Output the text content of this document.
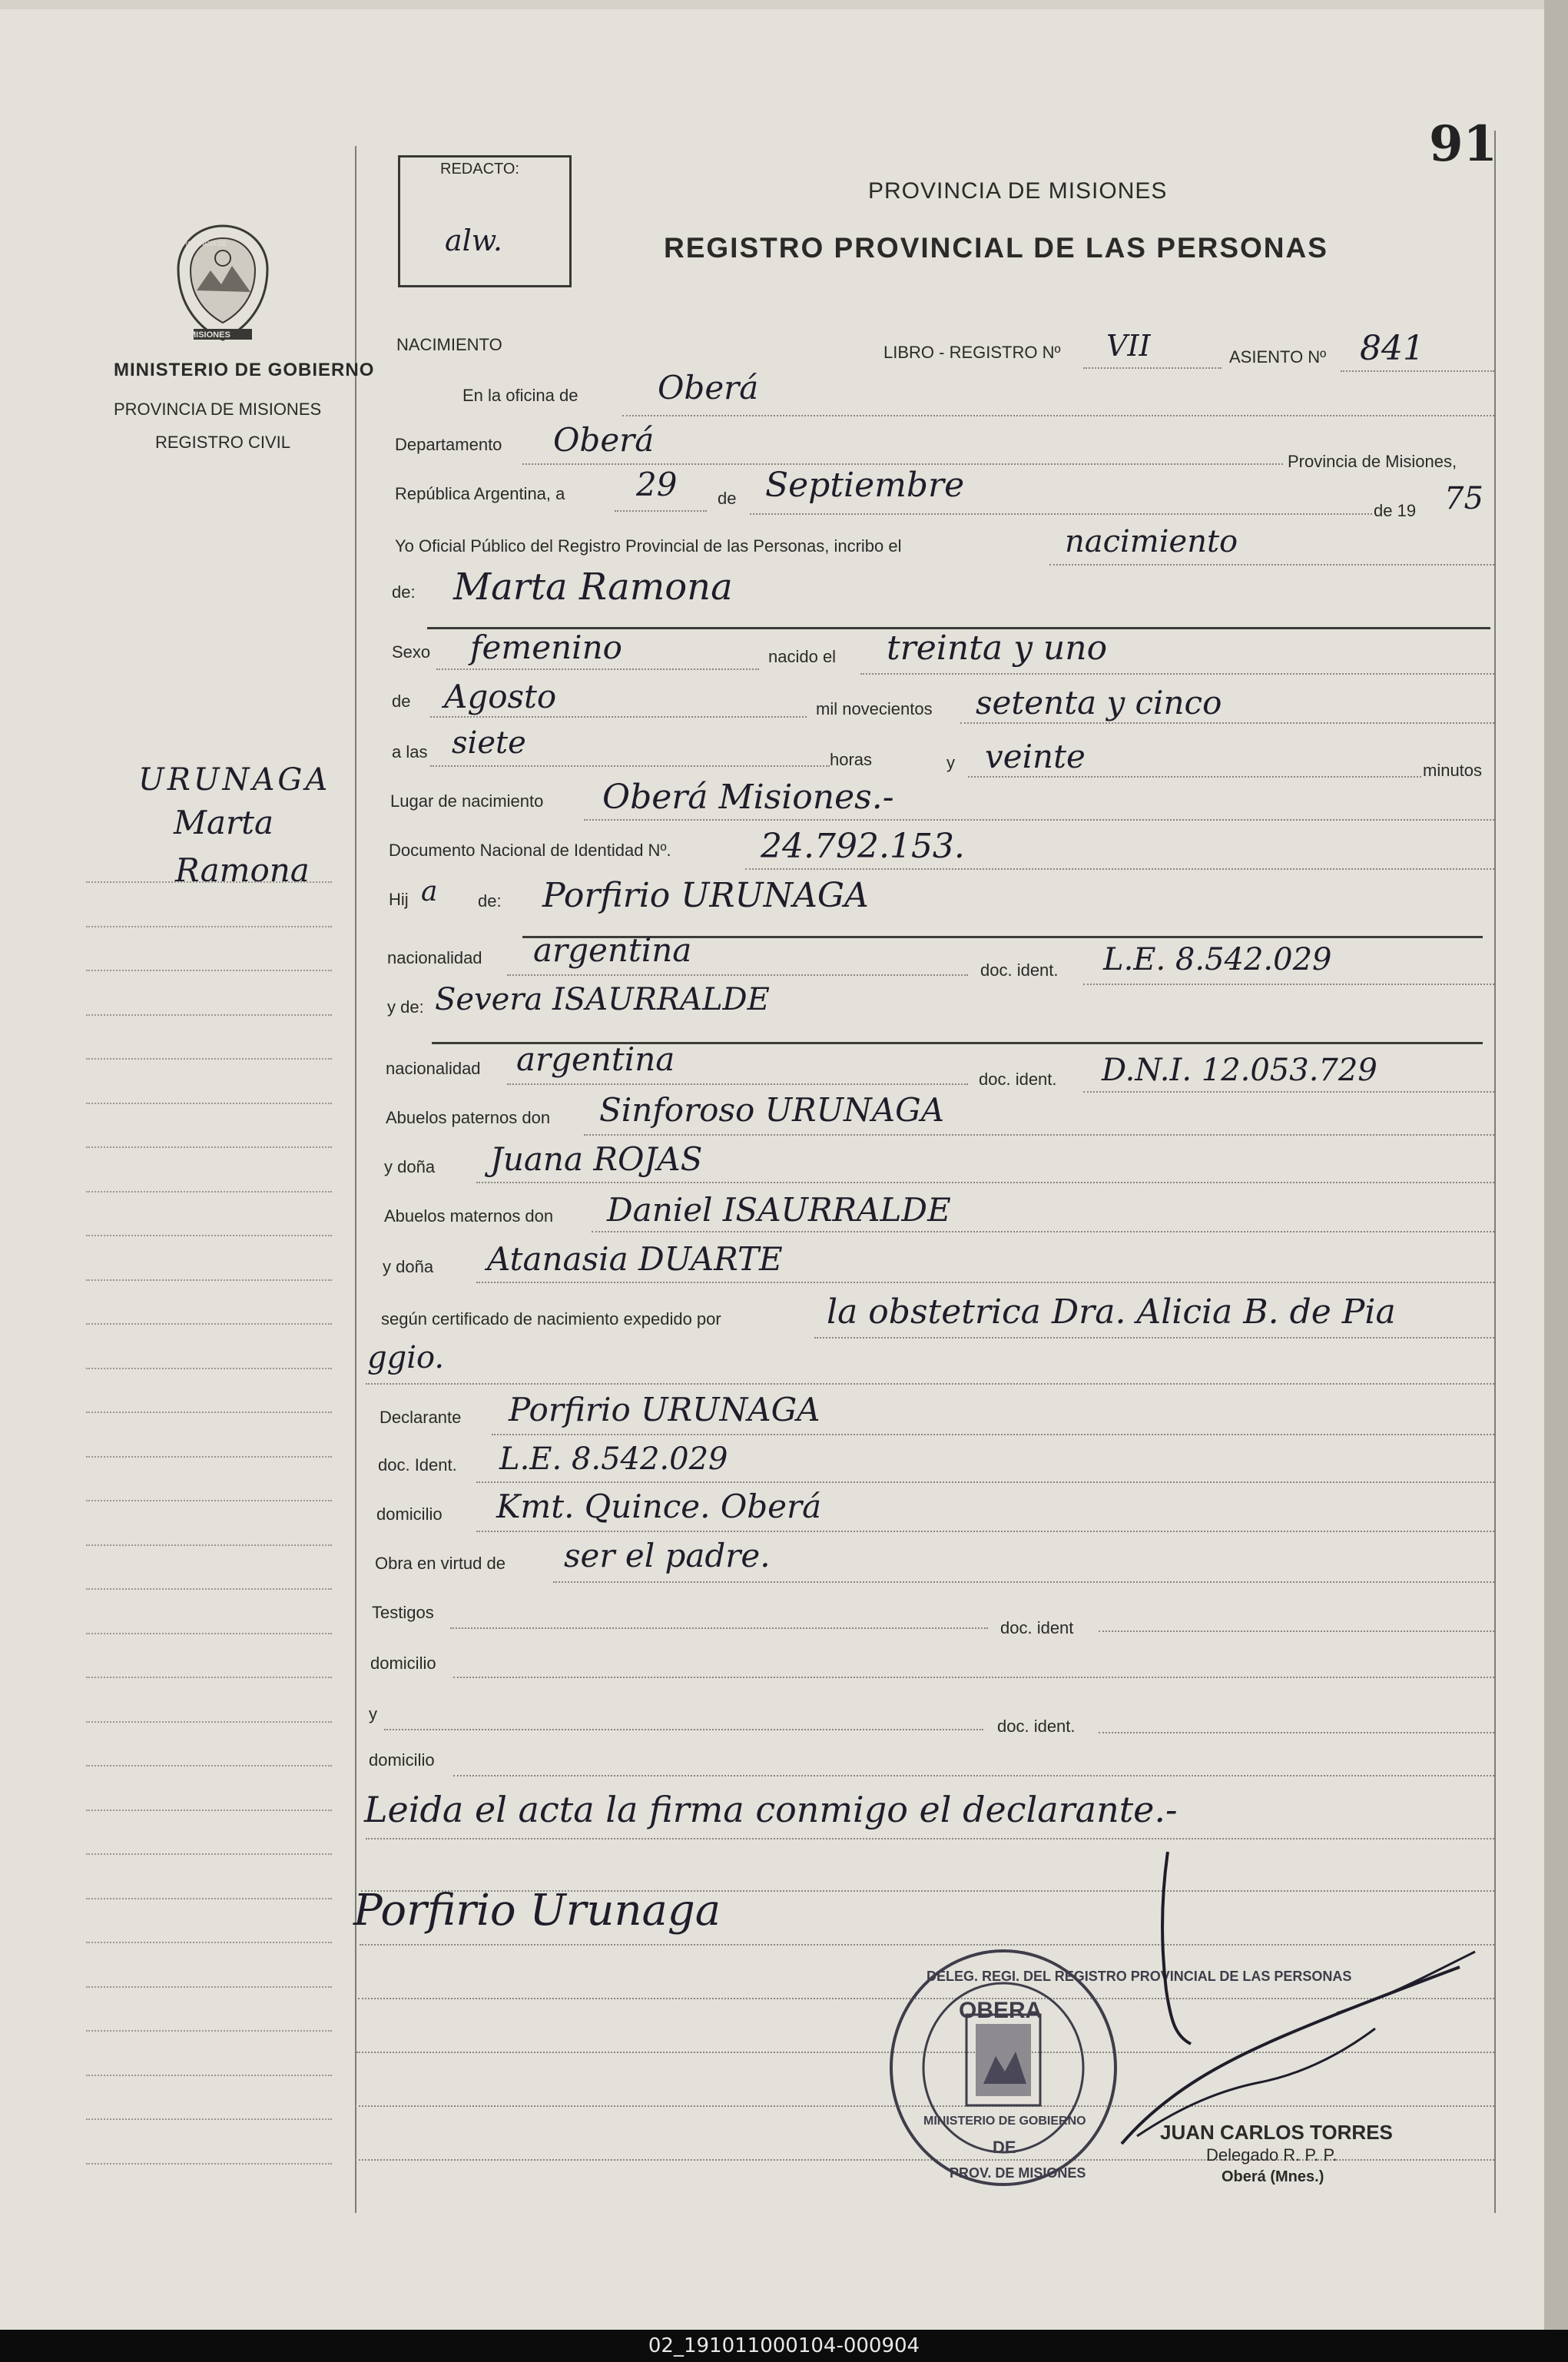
91
PROVINCIA DE
MISIONES
MINISTERIO DE GOBIERNO
PROVINCIA DE MISIONES
REGISTRO CIVIL
REDACTO:
alw.
PROVINCIA DE MISIONES
REGISTRO PROVINCIAL DE LAS PERSONAS
URUNAGA
Marta
Ramona
NACIMIENTO	LIBRO - REGISTRO Nº VII	ASIENTO Nº 841
En la oficina de Oberá
Departamento Oberá
Provincia de Misiones,
República Argentina, a 29 de Septiembre
de 19 75
Yo Oficial Público del Registro Provincial de las Personas, incribo el	nacimiento
de: Marta Ramona
Sexo femenino	nacido el treinta y uno
de Agosto	mil novecientos setenta y cinco
a las siete	horas	y veinte	minutos
Lugar de nacimiento Oberá Misiones.-
Documento Nacional de Identidad Nº.	24.792.153.
Hij a de: Porfirio URUNAGA
nacionalidad argentina
doc. ident. L.E. 8.542.029
y de: Severa ISAURRALDE
nacionalidad argentina
doc. ident. D.N.I. 12.053.729
Abuelos paternos don Sinforoso URUNAGA
y doña Juana ROJAS
Abuelos maternos don Daniel ISAURRALDE
y doña Atanasia DUARTE
según certificado de nacimiento expedido por	la obstetrica Dra. Alicia B. de Pia
ggio.
Declarante Porfirio URUNAGA
doc. Ident. L.E. 8.542.029
domicilio Kmt. Quince. Oberá
Obra en virtud de ser el padre.
Testigos
doc. ident
domicilio
y
doc. ident.
domicilio
Leida el acta la firma conmigo el declarante.-
Porfirio Urunaga
DELEG. REGI. DEL REGISTRO PROVINCIAL DE LAS PERSONAS
OBERA
MINISTERIO DE GOBIERNO
DE
PROV. DE MISIONES
JUAN CARLOS TORRES
Delegado R. P. P.
Oberá (Mnes.)
02_191011000104-000904
